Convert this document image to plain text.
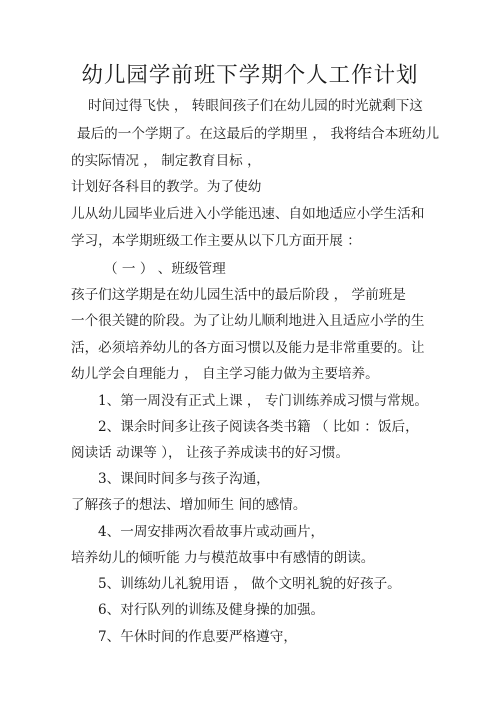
幼儿园学前班下学期个人工作计划
时间过得飞快 ， 转眼间孩子们在幼儿园的时光就剩下这
最后的一个学期了。在这最后的学期里 ， 我将结合本班幼儿
的实际情况 ， 制定教育目标 ，
计划好各科目的教学。为了使幼
儿从幼儿园毕业后进入小学能迅速、自如地适应小学生活和
学习，本学期班级工作主要从以下几方面开展 ：
（ 一 ） 、班级管理
孩子们这学期是在幼儿园生活中的最后阶段 ， 学前班是
一个很关键的阶段。为了让幼儿顺利地进入且适应小学的生
活，必须培养幼儿的各方面习惯以及能力是非常重要的。让
幼儿学会自理能力 ， 自主学习能力做为主要培养。
1、第一周没有正式上课 ， 专门训练养成习惯与常规。
2、课余时间多让孩子阅读各类书籍 （ 比如 ：饭后，
阅读话 动课等 ）， 让孩子养成读书的好习惯。
3、课间时间多与孩子沟通，
了解孩子的想法、增加师生 间的感情。
4、一周安排两次看故事片或动画片，
培养幼儿的倾听能 力与模范故事中有感情的朗读。
5、训练幼儿礼貌用语 ， 做个文明礼貌的好孩子。
6、对行队列的训练及健身操的加强。
7、午休时间的作息要严格遵守，
